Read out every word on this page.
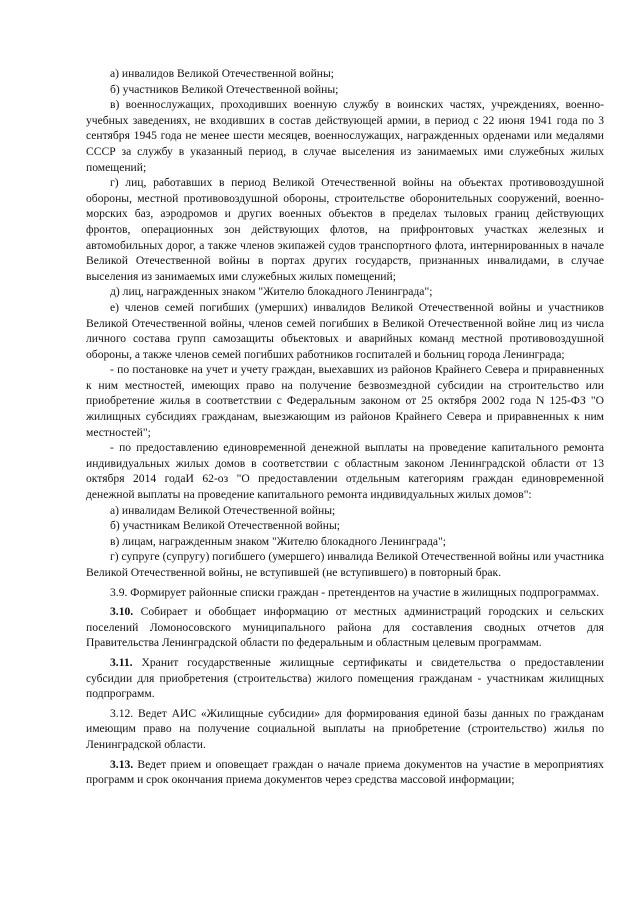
а) инвалидов Великой Отечественной войны;

б) участников Великой Отечественной войны;

в) военнослужащих, проходивших военную службу в воинских частях, учреждениях, военно-учебных заведениях, не входивших в состав действующей армии, в период с 22 июня 1941 года по 3 сентября 1945 года не менее шести месяцев, военнослужащих, награжденных орденами или медалями СССР за службу в указанный период, в случае выселения из занимаемых ими служебных жилых помещений;

г) лиц, работавших в период Великой Отечественной войны на объектах противовоздушной обороны, местной противовоздушной обороны, строительстве оборонительных сооружений, военно-морских баз, аэродромов и других военных объектов в пределах тыловых границ действующих фронтов, операционных зон действующих флотов, на прифронтовых участках железных и автомобильных дорог, а также членов экипажей судов транспортного флота, интернированных в начале Великой Отечественной войны в портах других государств, признанных инвалидами, в случае выселения из занимаемых ими служебных жилых помещений;

д) лиц, награжденных знаком "Жителю блокадного Ленинграда";

е) членов семей погибших (умерших) инвалидов Великой Отечественной войны и участников Великой Отечественной войны, членов семей погибших в Великой Отечественной войне лиц из числа личного состава групп самозащиты объектовых и аварийных команд местной противовоздушной обороны, а также членов семей погибших работников госпиталей и больниц города Ленинграда;

- по постановке на учет и учету граждан, выехавших из районов Крайнего Севера и приравненных к ним местностей, имеющих право на получение безвозмездной субсидии на строительство или приобретение жилья в соответствии с Федеральным законом от 25 октября 2002 года N 125-ФЗ "О жилищных субсидиях гражданам, выезжающим из районов Крайнего Севера и приравненных к ним местностей";

- по предоставлению единовременной денежной выплаты на проведение капитального ремонта индивидуальных жилых домов в соответствии с областным законом Ленинградской области от 13 октября 2014 годаИ 62-оз "О предоставлении отдельным категориям граждан единовременной денежной выплаты на проведение капитального ремонта индивидуальных жилых домов":

а) инвалидам Великой Отечественной войны;

б) участникам Великой Отечественной войны;

в) лицам, награжденным знаком "Жителю блокадного Ленинграда";

г) супруге (супругу) погибшего (умершего) инвалида Великой Отечественной войны или участника Великой Отечественной войны, не вступившей (не вступившего) в повторный брак.

3.9. Формирует районные списки граждан - претендентов на участие в жилищных подпрограммах.

3.10. Собирает и обобщает информацию от местных администраций городских и сельских поселений Ломоносовского муниципального района для составления сводных отчетов для Правительства Ленинградской области по федеральным и областным целевым программам.

3.11. Хранит государственные жилищные сертификаты и свидетельства о предоставлении субсидии для приобретения (строительства) жилого помещения гражданам - участникам жилищных подпрограмм.

3.12. Ведет АИС «Жилищные субсидии» для формирования единой базы данных по гражданам имеющим право на получение социальной выплаты на приобретение (строительство) жилья по Ленинградской области.

3.13. Ведет прием и оповещает граждан о начале приема документов на участие в мероприятиях программ и срок окончания приема документов через средства массовой информации;
